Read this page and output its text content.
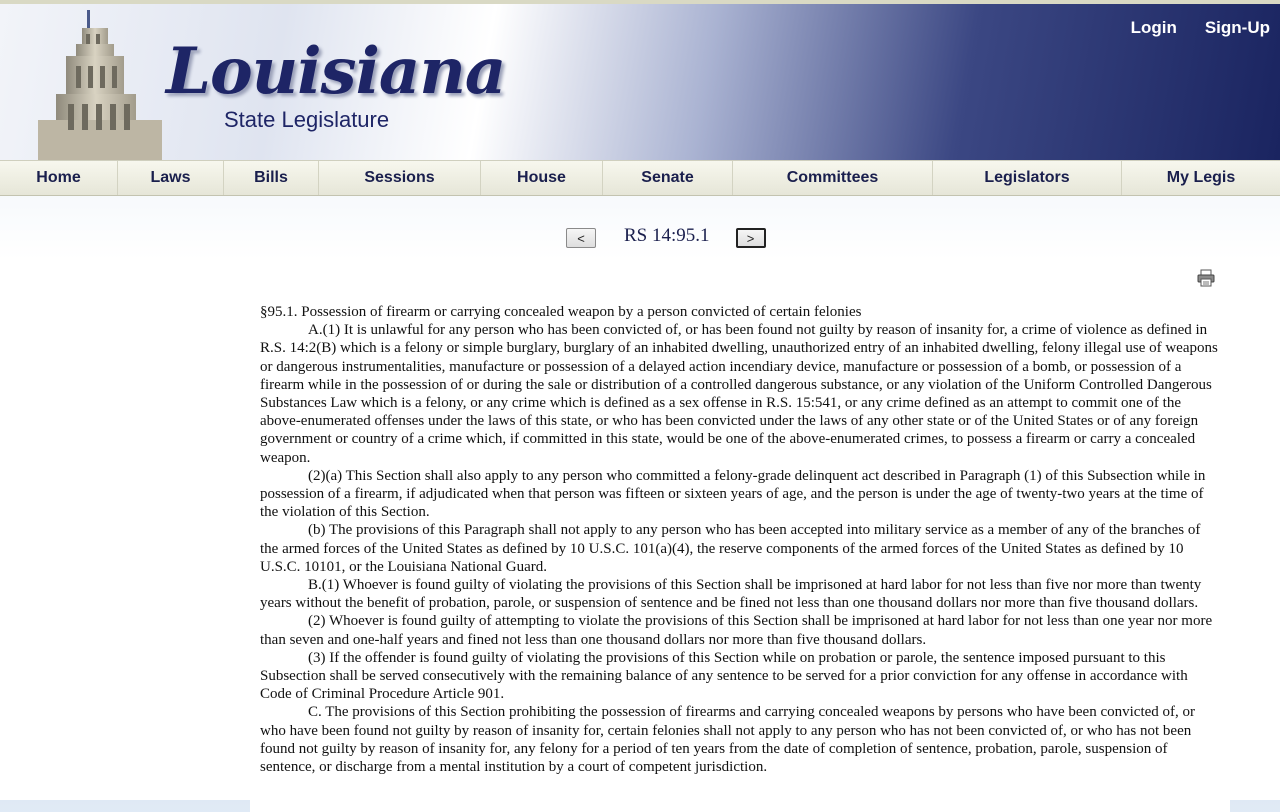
Louisiana
State Legislature
Login Sign-Up
Home	Laws	Bills	Sessions	House	Senate	Committees	Legislators	My Legis
<	RS 14:95.1	>

§95.1. Possession of firearm or carrying concealed weapon by a person convicted of certain felonies

A.(1) It is unlawful for any person who has been convicted of, or has been found not guilty by reason of insanity for, a crime of violence as defined in R.S. 14:2(B) which is a felony or simple burglary, burglary of an inhabited dwelling, unauthorized entry of an inhabited dwelling, felony illegal use of weapons or dangerous instrumentalities, manufacture or possession of a delayed action incendiary device, manufacture or possession of a bomb, or possession of a firearm while in the possession of or during the sale or distribution of a controlled dangerous substance, or any violation of the Uniform Controlled Dangerous Substances Law which is a felony, or any crime which is defined as a sex offense in R.S. 15:541, or any crime defined as an attempt to commit one of the above-enumerated offenses under the laws of this state, or who has been convicted under the laws of any other state or of the United States or of any foreign government or country of a crime which, if committed in this state, would be one of the above-enumerated crimes, to possess a firearm or carry a concealed weapon.

(2)(a) This Section shall also apply to any person who committed a felony-grade delinquent act described in Paragraph (1) of this Subsection while in possession of a firearm, if adjudicated when that person was fifteen or sixteen years of age, and the person is under the age of twenty-two years at the time of the violation of this Section.

(b) The provisions of this Paragraph shall not apply to any person who has been accepted into military service as a member of any of the branches of the armed forces of the United States as defined by 10 U.S.C. 101(a)(4), the reserve components of the armed forces of the United States as defined by 10 U.S.C. 10101, or the Louisiana National Guard.

B.(1) Whoever is found guilty of violating the provisions of this Section shall be imprisoned at hard labor for not less than five nor more than twenty years without the benefit of probation, parole, or suspension of sentence and be fined not less than one thousand dollars nor more than five thousand dollars.

(2) Whoever is found guilty of attempting to violate the provisions of this Section shall be imprisoned at hard labor for not less than one year nor more than seven and one-half years and fined not less than one thousand dollars nor more than five thousand dollars.

(3) If the offender is found guilty of violating the provisions of this Section while on probation or parole, the sentence imposed pursuant to this Subsection shall be served consecutively with the remaining balance of any sentence to be served for a prior conviction for any offense in accordance with Code of Criminal Procedure Article 901.

C. The provisions of this Section prohibiting the possession of firearms and carrying concealed weapons by persons who have been convicted of, or who have been found not guilty by reason of insanity for, certain felonies shall not apply to any person who has not been convicted of, or who has not been found not guilty by reason of insanity for, any felony for a period of ten years from the date of completion of sentence, probation, parole, suspension of sentence, or discharge from a mental institution by a court of competent jurisdiction.
